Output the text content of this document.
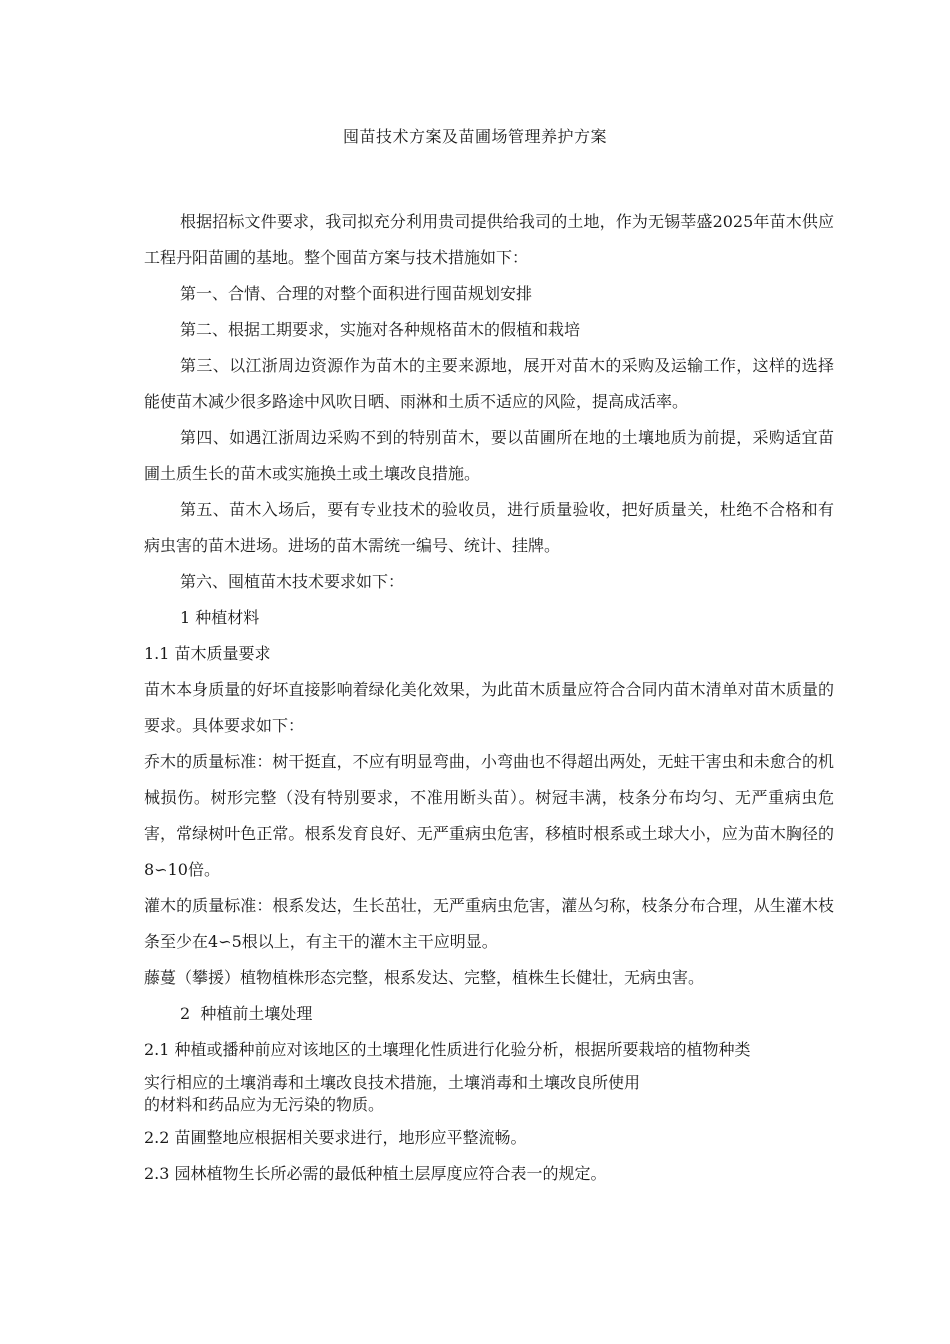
囤苗技术方案及苗圃场管理养护方案

根据招标文件要求，我司拟充分利用贵司提供给我司的土地，作为无锡莘盛2025年苗木供应工程丹阳苗圃的基地。整个囤苗方案与技术措施如下：

第一、合情、合理的对整个面积进行囤苗规划安排

第二、根据工期要求，实施对各种规格苗木的假植和栽培

第三、以江浙周边资源作为苗木的主要来源地，展开对苗木的采购及运输工作，这样的选择能使苗木减少很多路途中风吹日晒、雨淋和土质不适应的风险，提高成活率。

第四、如遇江浙周边采购不到的特别苗木，要以苗圃所在地的土壤地质为前提，采购适宜苗圃土质生长的苗木或实施换土或土壤改良措施。

第五、苗木入场后，要有专业技术的验收员，进行质量验收，把好质量关，杜绝不合格和有病虫害的苗木进场。进场的苗木需统一编号、统计、挂牌。

第六、囤植苗木技术要求如下：

1 种植材料

1.1 苗木质量要求

苗木本身质量的好坏直接影响着绿化美化效果，为此苗木质量应符合合同内苗木清单对苗木质量的要求。具体要求如下：

乔木的质量标准：树干挺直，不应有明显弯曲，小弯曲也不得超出两处，无蛀干害虫和未愈合的机械损伤。树形完整（没有特别要求，不准用断头苗）。树冠丰满，枝条分布均匀、无严重病虫危害，常绿树叶色正常。根系发育良好、无严重病虫危害，移植时根系或土球大小，应为苗木胸径的8∽10倍。

灌木的质量标准：根系发达，生长茁壮，无严重病虫危害，灌丛匀称，枝条分布合理，从生灌木枝条至少在4∽5根以上，有主干的灌木主干应明显。

藤蔓（攀援）植物植株形态完整，根系发达、完整，植株生长健壮，无病虫害。

2  种植前土壤处理

2.1 种植或播种前应对该地区的土壤理化性质进行化验分析，根据所要栽培的植物种类

实行相应的土壤消毒和土壤改良技术措施，土壤消毒和土壤改良所使用

的材料和药品应为无污染的物质。

2.2 苗圃整地应根据相关要求进行，地形应平整流畅。

2.3 园林植物生长所必需的最低种植土层厚度应符合表一的规定。
